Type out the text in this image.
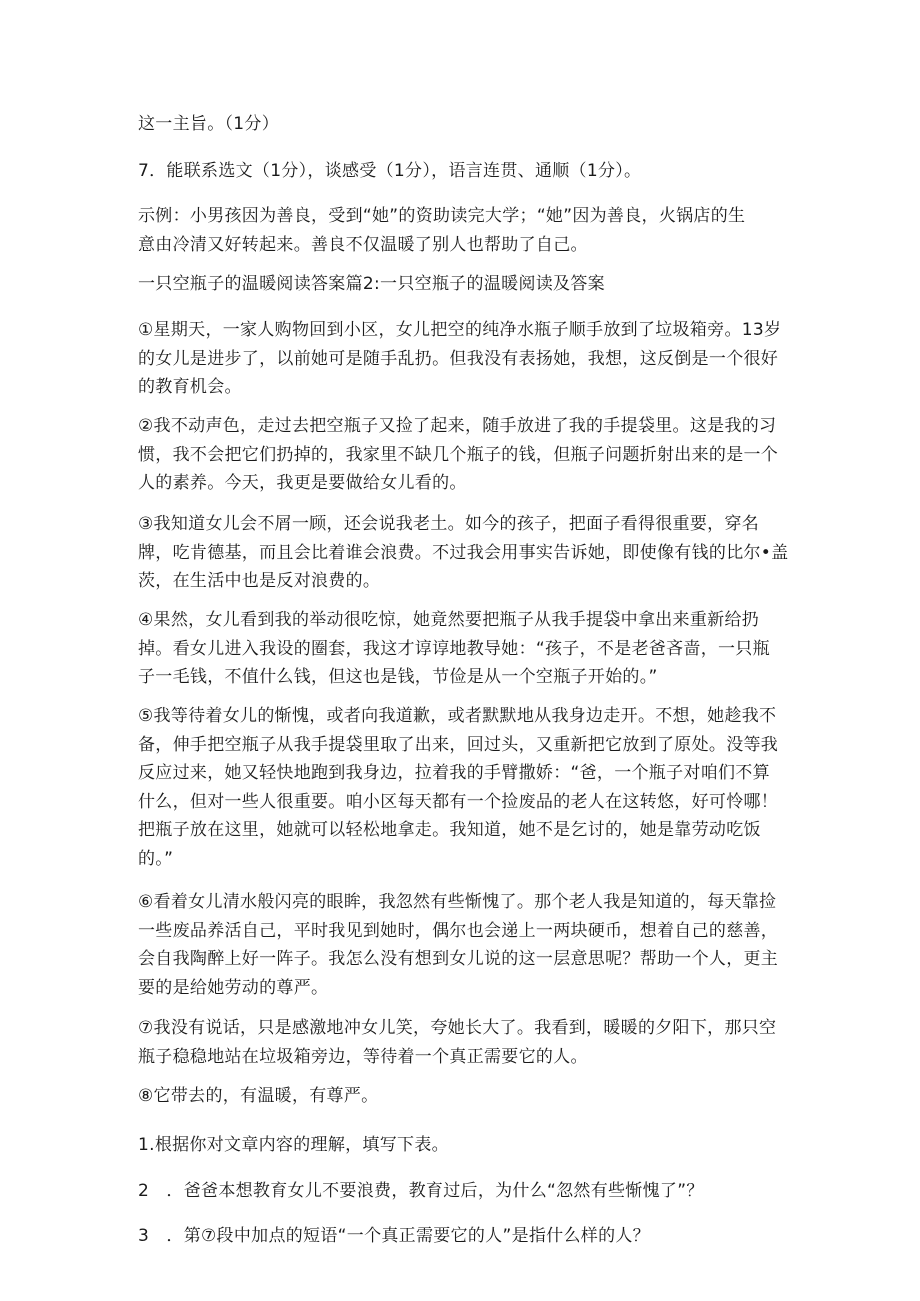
这一主旨。（1分）
7．能联系选文（1分），谈感受（1分），语言连贯、通顺（1分）。
示例：小男孩因为善良，受到“她”的资助读完大学；“她”因为善良，火锅店的生
意由冷清又好转起来。善良不仅温暖了别人也帮助了自己。
一只空瓶子的温暖阅读答案篇2:一只空瓶子的温暖阅读及答案
①星期天，一家人购物回到小区，女儿把空的纯净水瓶子顺手放到了垃圾箱旁。13岁
的女儿是进步了，以前她可是随手乱扔。但我没有表扬她，我想，这反倒是一个很好
的教育机会。
②我不动声色，走过去把空瓶子又捡了起来，随手放进了我的手提袋里。这是我的习
惯，我不会把它们扔掉的，我家里不缺几个瓶子的钱，但瓶子问题折射出来的是一个
人的素养。今天，我更是要做给女儿看的。
③我知道女儿会不屑一顾，还会说我老土。如今的孩子，把面子看得很重要，穿名
牌，吃肯德基，而且会比着谁会浪费。不过我会用事实告诉她，即使像有钱的比尔•盖
茨，在生活中也是反对浪费的。
④果然，女儿看到我的举动很吃惊，她竟然要把瓶子从我手提袋中拿出来重新给扔
掉。看女儿进入我设的圈套，我这才谆谆地教导她：“孩子，不是老爸吝啬，一只瓶
子一毛钱，不值什么钱，但这也是钱，节俭是从一个空瓶子开始的。”
⑤我等待着女儿的惭愧，或者向我道歉，或者默默地从我身边走开。不想，她趁我不
备，伸手把空瓶子从我手提袋里取了出来，回过头，又重新把它放到了原处。没等我
反应过来，她又轻快地跑到我身边，拉着我的手臂撒娇：“爸，一个瓶子对咱们不算
什么，但对一些人很重要。咱小区每天都有一个捡废品的老人在这转悠，好可怜哪！
把瓶子放在这里，她就可以轻松地拿走。我知道，她不是乞讨的，她是靠劳动吃饭
的。”
⑥看着女儿清水般闪亮的眼眸，我忽然有些惭愧了。那个老人我是知道的，每天靠捡
一些废品养活自己，平时我见到她时，偶尔也会递上一两块硬币，想着自己的慈善，
会自我陶醉上好一阵子。我怎么没有想到女儿说的这一层意思呢？帮助一个人，更主
要的是给她劳动的尊严。
⑦我没有说话，只是感激地冲女儿笑，夸她长大了。我看到，暖暖的夕阳下，那只空
瓶子稳稳地站在垃圾箱旁边，等待着一个真正需要它的人。
⑧它带去的，有温暖，有尊严。
1.根据你对文章内容的理解，填写下表。
2　．爸爸本想教育女儿不要浪费，教育过后，为什么“忽然有些惭愧了”？
3　．第⑦段中加点的短语“一个真正需要它的人”是指什么样的人？
